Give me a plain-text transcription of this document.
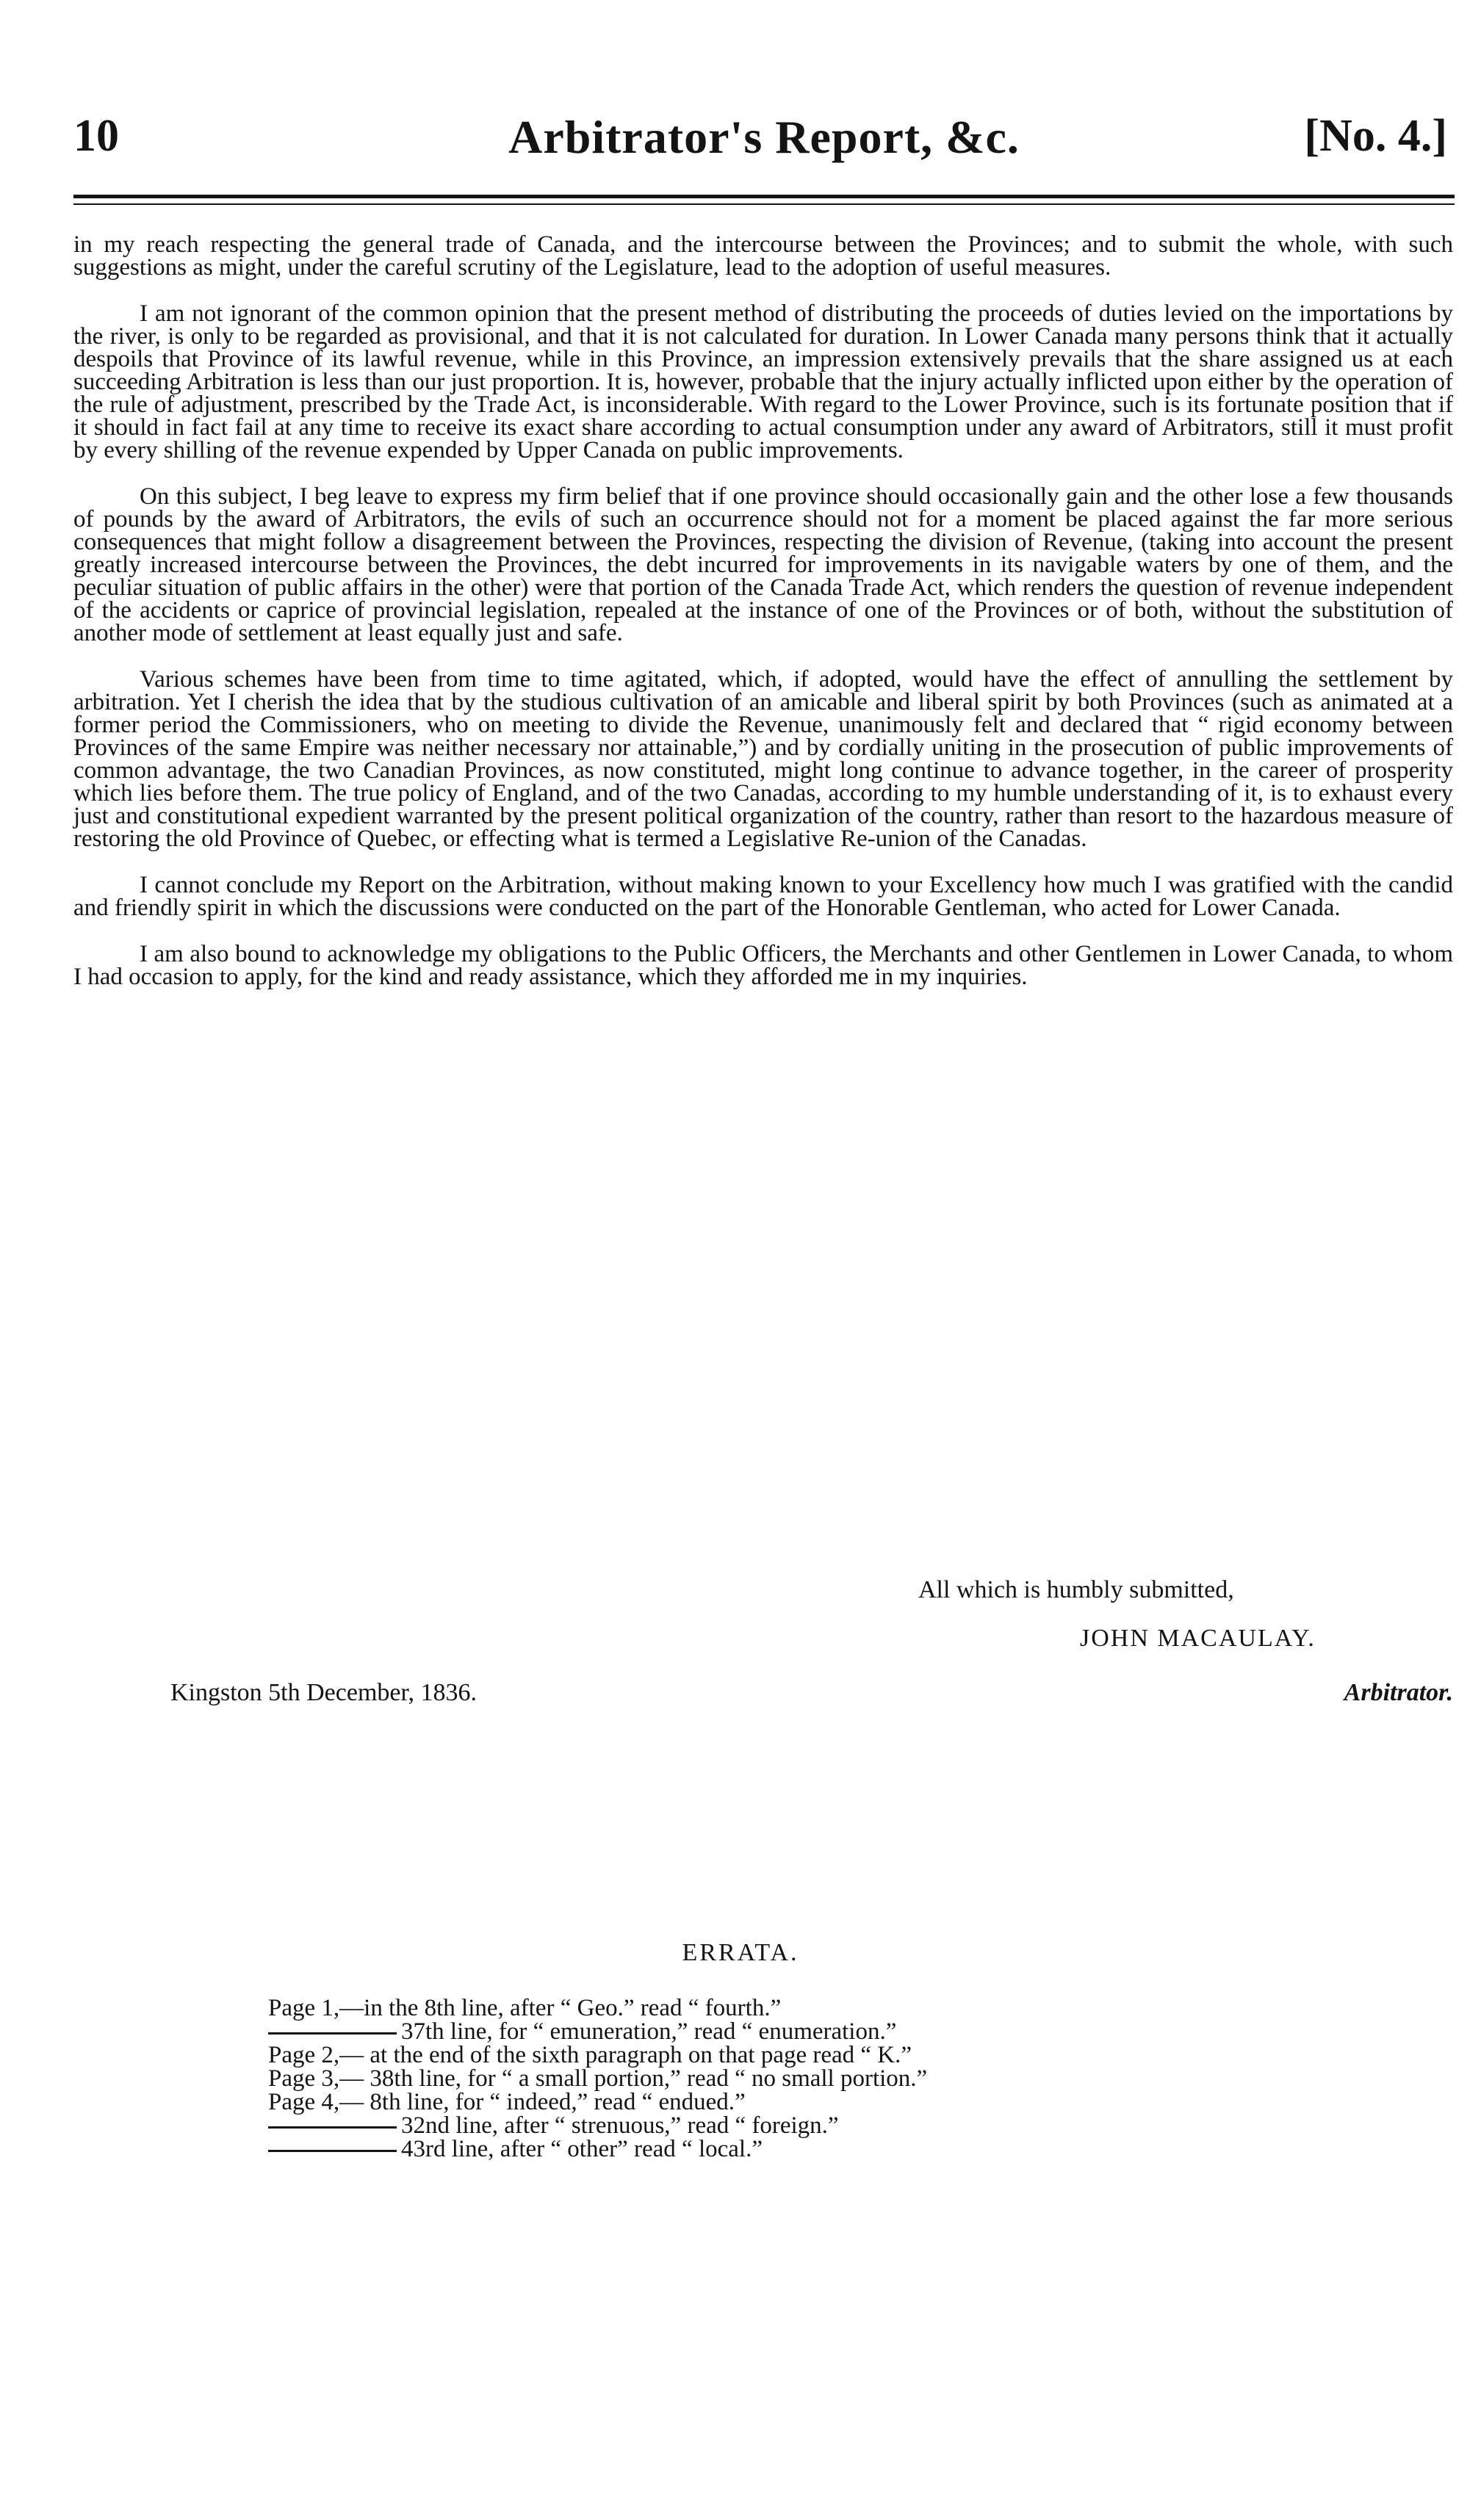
10	Arbitrator's Report, &c.	[No. 4.]

in my reach respecting the general trade of Canada, and the intercourse between the Provinces; and to submit the whole, with such suggestions as might, under the careful scrutiny of the Legislature, lead to the adoption of useful measures.

I am not ignorant of the common opinion that the present method of distributing the proceeds of duties levied on the importations by the river, is only to be regarded as provisional, and that it is not calculated for duration. In Lower Canada many persons think that it actually despoils that Province of its lawful revenue, while in this Province, an impression extensively prevails that the share assigned us at each succeeding Arbitration is less than our just proportion. It is, however, probable that the injury actually inflicted upon either by the operation of the rule of adjustment, prescribed by the Trade Act, is inconsiderable. With regard to the Lower Province, such is its fortunate position that if it should in fact fail at any time to receive its exact share according to actual consumption under any award of Arbitrators, still it must profit by every shilling of the revenue expended by Upper Canada on public improvements.

On this subject, I beg leave to express my firm belief that if one province should occasionally gain and the other lose a few thousands of pounds by the award of Arbitrators, the evils of such an occurrence should not for a moment be placed against the far more serious consequences that might follow a disagreement between the Provinces, respecting the division of Revenue, (taking into account the present greatly increased intercourse between the Provinces, the debt incurred for improvements in its navigable waters by one of them, and the peculiar situation of public affairs in the other) were that portion of the Canada Trade Act, which renders the question of revenue independent of the accidents or caprice of provincial legislation, repealed at the instance of one of the Provinces or of both, without the substitution of another mode of settlement at least equally just and safe.

Various schemes have been from time to time agitated, which, if adopted, would have the effect of annulling the settlement by arbitration. Yet I cherish the idea that by the studious cultivation of an amicable and liberal spirit by both Provinces (such as animated at a former period the Commissioners, who on meeting to divide the Revenue, unanimously felt and declared that “ rigid economy between Provinces of the same Empire was neither necessary nor attainable,”) and by cordially uniting in the prosecution of public improvements of common advantage, the two Canadian Provinces, as now constituted, might long continue to advance together, in the career of prosperity which lies before them. The true policy of England, and of the two Canadas, according to my humble understanding of it, is to exhaust every just and constitutional expedient warranted by the present political organization of the country, rather than resort to the hazardous measure of restoring the old Province of Quebec, or effecting what is termed a Legislative Re-union of the Canadas.

I cannot conclude my Report on the Arbitration, without making known to your Excellency how much I was gratified with the candid and friendly spirit in which the discussions were conducted on the part of the Honorable Gentleman, who acted for Lower Canada.

I am also bound to acknowledge my obligations to the Public Officers, the Merchants and other Gentlemen in Lower Canada, to whom I had occasion to apply, for the kind and ready assistance, which they afforded me in my inquiries.

All which is humbly submitted,
JOHN MACAULAY.
Kingston 5th December, 1836.	Arbitrator.
ERRATA.
Page 1,—in the 8th line, after “ Geo.” read “ fourth.”
37th line, for “ emuneration,” read “ enumeration.”
Page 2,— at the end of the sixth paragraph on that page read “ K.”
Page 3,— 38th line, for “ a small portion,” read “ no small portion.”
Page 4,— 8th line, for “ indeed,” read “ endued.”
32nd line, after “ strenuous,” read “ foreign.”
43rd line, after “ other” read “ local.”
